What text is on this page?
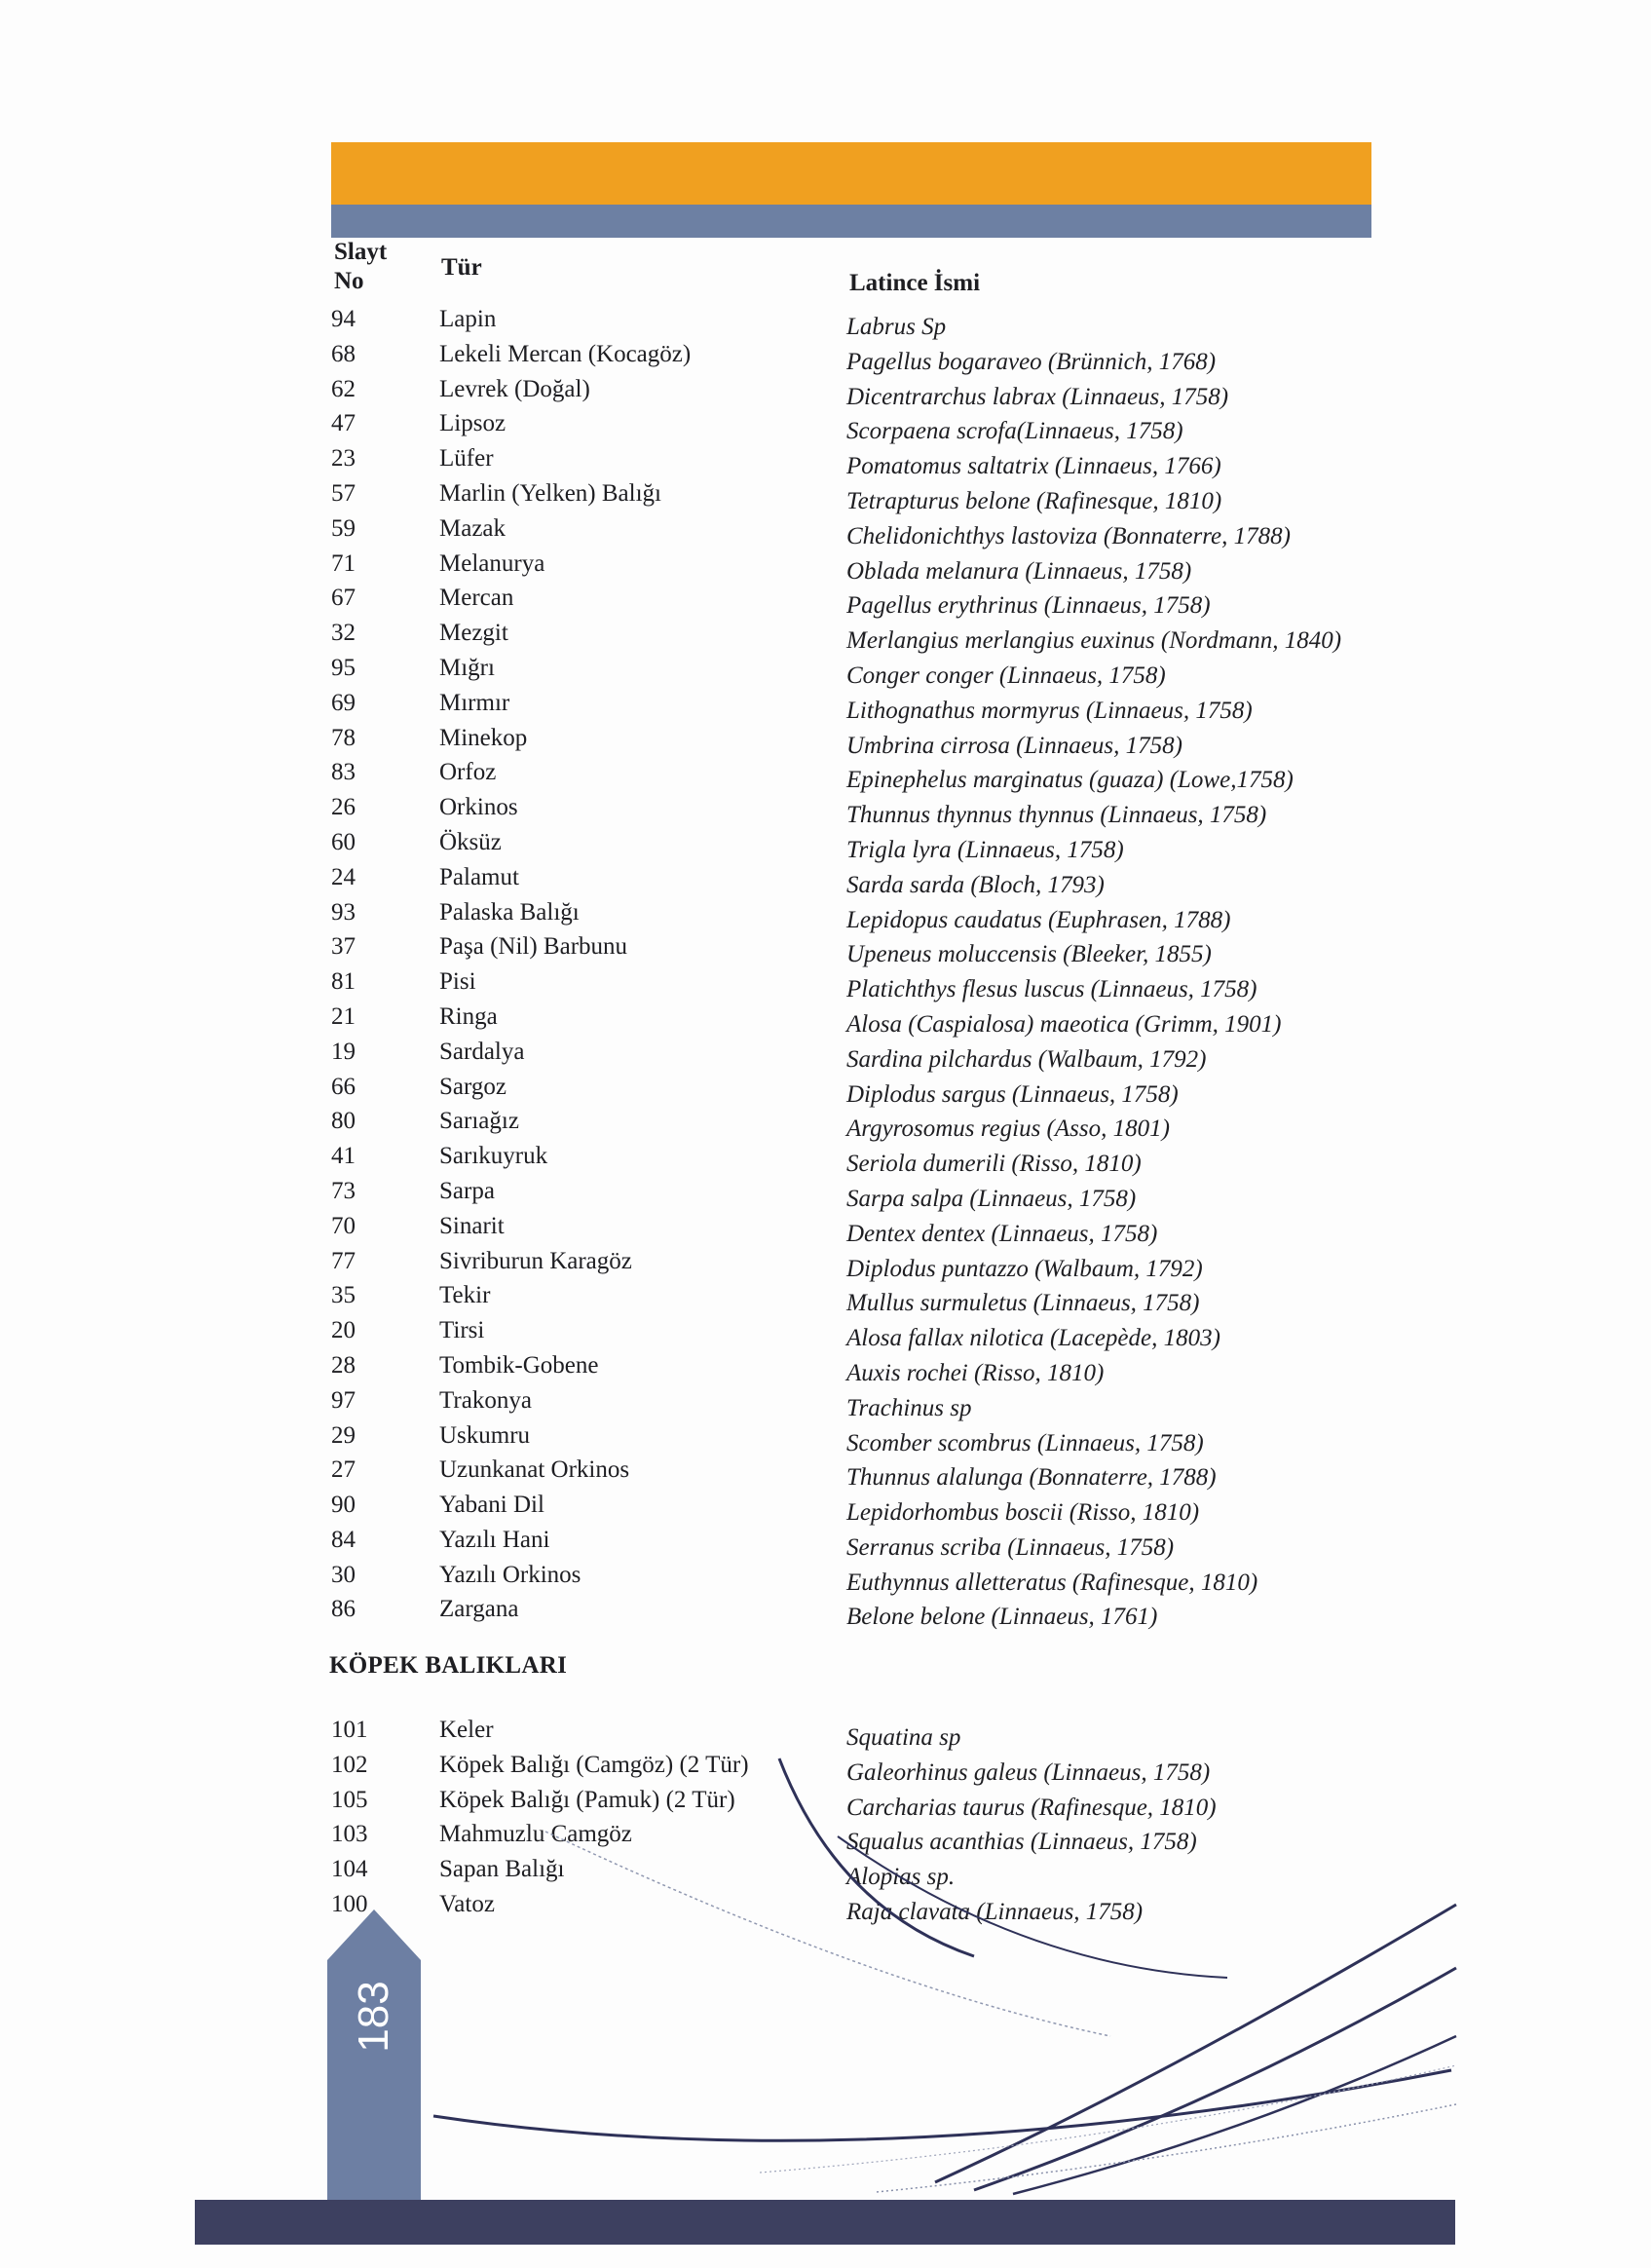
Slayt No
Tür
Latince İsmi
94	Lapin	Labrus Sp
68	Lekeli Mercan (Kocagöz)	Pagellus bogaraveo (Brünnich, 1768)
62	Levrek (Doğal)	Dicentrarchus labrax (Linnaeus, 1758)
47	Lipsoz	Scorpaena scrofa(Linnaeus, 1758)
23	Lüfer	Pomatomus saltatrix (Linnaeus, 1766)
57	Marlin (Yelken) Balığı	Tetrapturus belone (Rafinesque, 1810)
59	Mazak	Chelidonichthys lastoviza (Bonnaterre, 1788)
71	Melanurya	Oblada melanura (Linnaeus, 1758)
67	Mercan	Pagellus erythrinus (Linnaeus, 1758)
32	Mezgit	Merlangius merlangius euxinus (Nordmann, 1840)
95	Mığrı	Conger conger (Linnaeus, 1758)
69	Mırmır	Lithognathus mormyrus (Linnaeus, 1758)
78	Minekop	Umbrina cirrosa (Linnaeus, 1758)
83	Orfoz	Epinephelus marginatus (guaza) (Lowe,1758)
26	Orkinos	Thunnus thynnus thynnus (Linnaeus, 1758)
60	Öksüz	Trigla lyra (Linnaeus, 1758)
24	Palamut	Sarda sarda (Bloch, 1793)
93	Palaska Balığı	Lepidopus caudatus (Euphrasen, 1788)
37	Paşa (Nil) Barbunu	Upeneus moluccensis (Bleeker, 1855)
81	Pisi	Platichthys flesus luscus (Linnaeus, 1758)
21	Ringa	Alosa (Caspialosa) maeotica (Grimm, 1901)
19	Sardalya	Sardina pilchardus (Walbaum, 1792)
66	Sargoz	Diplodus sargus (Linnaeus, 1758)
80	Sarıağız	Argyrosomus regius (Asso, 1801)
41	Sarıkuyruk	Seriola dumerili (Risso, 1810)
73	Sarpa	Sarpa salpa (Linnaeus, 1758)
70	Sinarit	Dentex dentex (Linnaeus, 1758)
77	Sivriburun Karagöz	Diplodus puntazzo (Walbaum, 1792)
35	Tekir	Mullus surmuletus (Linnaeus, 1758)
20	Tirsi	Alosa fallax nilotica (Lacepède, 1803)
28	Tombik-Gobene	Auxis rochei (Risso, 1810)
97	Trakonya	Trachinus sp
29	Uskumru	Scomber scombrus (Linnaeus, 1758)
27	Uzunkanat Orkinos	Thunnus alalunga (Bonnaterre, 1788)
90	Yabani Dil	Lepidorhombus boscii (Risso, 1810)
84	Yazılı Hani	Serranus scriba (Linnaeus, 1758)
30	Yazılı Orkinos	Euthynnus alletteratus (Rafinesque, 1810)
86	Zargana	Belone belone (Linnaeus, 1761)
KÖPEK BALIKLARI
101	Keler	Squatina sp
102	Köpek Balığı (Camgöz) (2 Tür)	Galeorhinus galeus (Linnaeus, 1758)
105	Köpek Balığı (Pamuk) (2 Tür)	Carcharias taurus (Rafinesque, 1810)
103	Mahmuzlu Camgöz	Squalus acanthias (Linnaeus, 1758)
104	Sapan Balığı	Alopias sp.
100	Vatoz	Raja clavata (Linnaeus, 1758)
183
